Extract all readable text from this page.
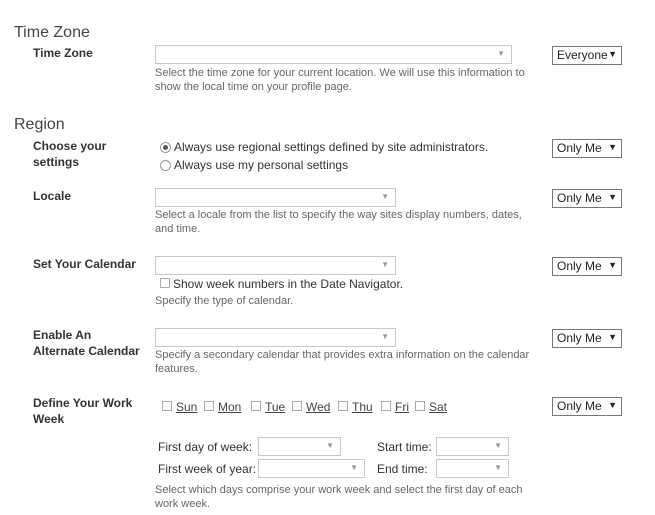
Time Zone
Time Zone	▼
Select the time zone for your current location. We will use this information to show the local time on your profile page.
Everyone ▼
Region
Choose your
settings
Always use regional settings defined by site administrators.
Always use my personal settings
Only Me ▼
Locale	▼
Select a locale from the list to specify the way sites display numbers, dates, and time.
Only Me ▼
Set Your Calendar	▼
Show week numbers in the Date Navigator.
Specify the type of calendar.
Only Me ▼
Enable An
Alternate Calendar
▼
Specify a secondary calendar that provides extra information on the calendar features.
Only Me ▼
Define Your Work
Week
Sun Mon Tue Wed Thu Fri Sat
First day of week:	▼	Start time:	▼
First week of year:	▼ End time:	▼
Select which days comprise your work week and select the first day of each work week.
Only Me ▼
